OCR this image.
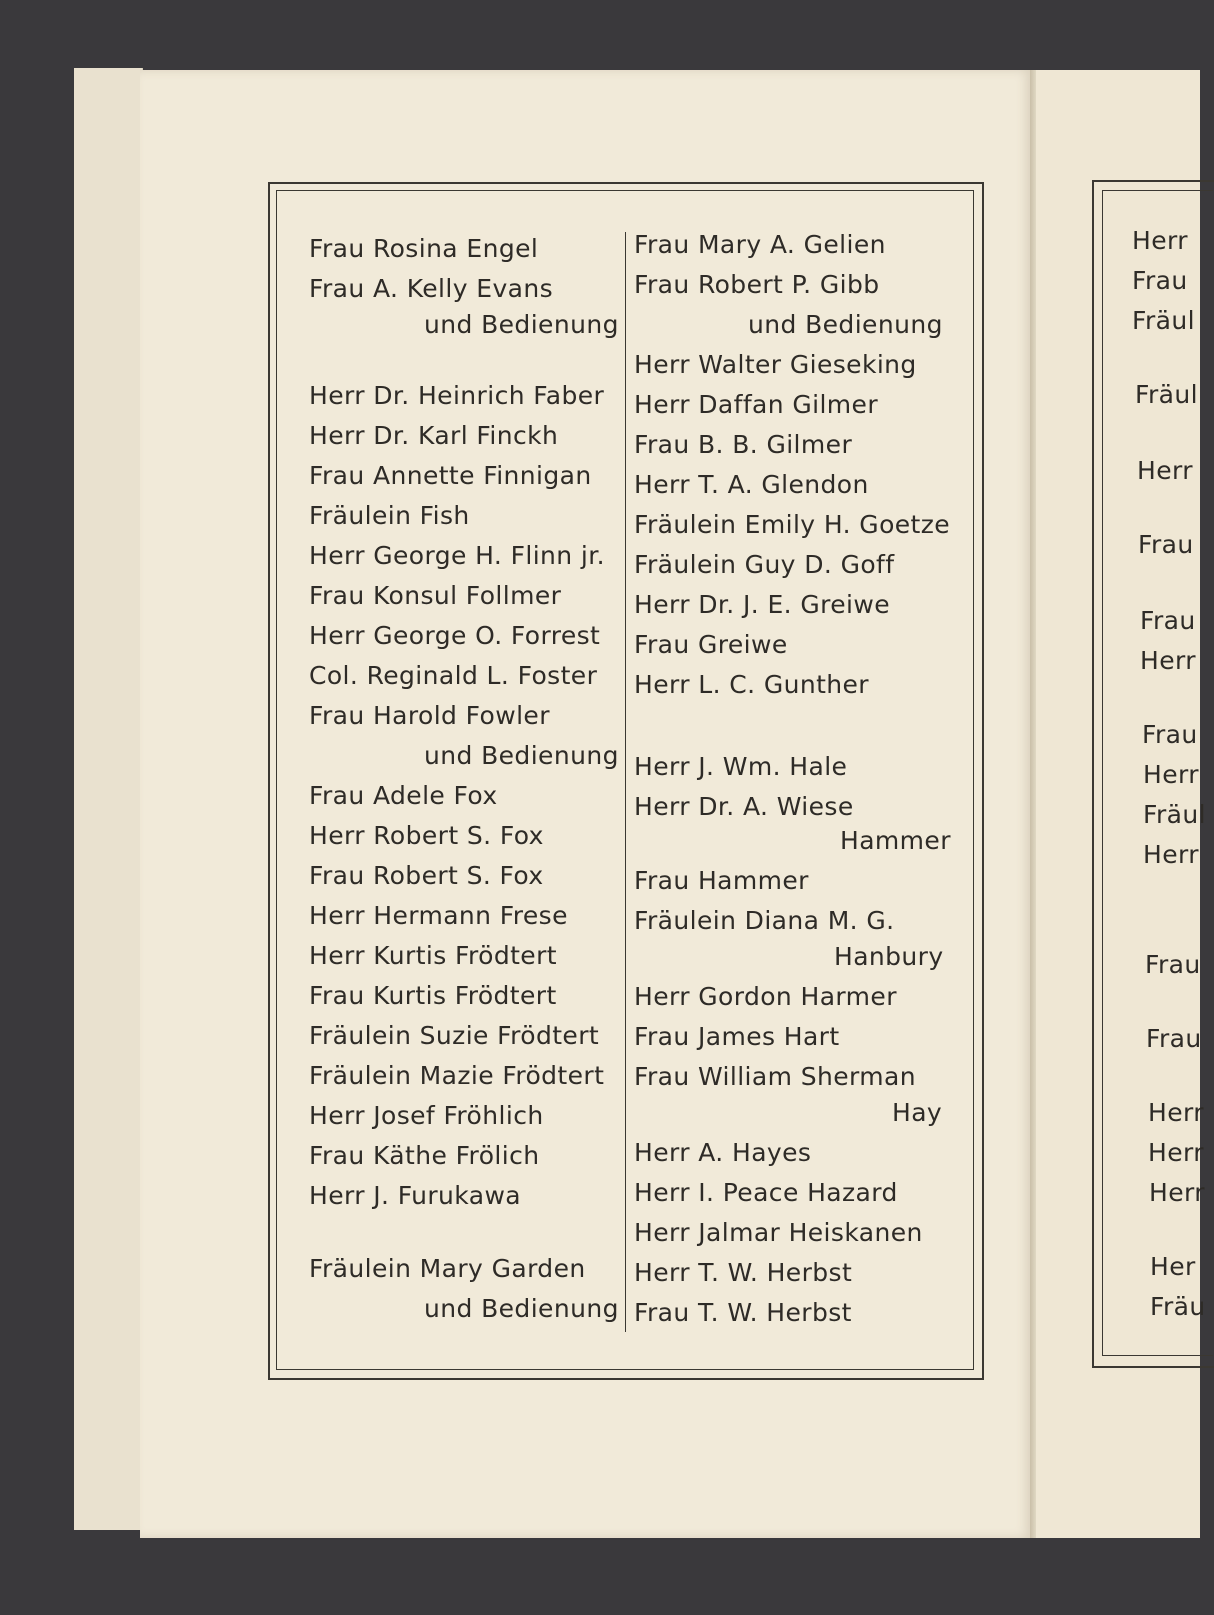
Frau Rosina Engel
Frau A. Kelly Evans
und Bedienung
Herr Dr. Heinrich Faber
Herr Dr. Karl Finckh
Frau Annette Finnigan
Fräulein Fish
Herr George H. Flinn jr.
Frau Konsul Follmer
Herr George O. Forrest
Col. Reginald L. Foster
Frau Harold Fowler
und Bedienung
Frau Adele Fox
Herr Robert S. Fox
Frau Robert S. Fox
Herr Hermann Frese
Herr Kurtis Frödtert
Frau Kurtis Frödtert
Fräulein Suzie Frödtert
Fräulein Mazie Frödtert
Herr Josef Fröhlich
Frau Käthe Frölich
Herr J. Furukawa
Fräulein Mary Garden
und Bedienung
Frau Mary A. Gelien
Frau Robert P. Gibb
und Bedienung
Herr Walter Gieseking
Herr Daffan Gilmer
Frau B. B. Gilmer
Herr T. A. Glendon
Fräulein Emily H. Goetze
Fräulein Guy D. Goff
Herr Dr. J. E. Greiwe
Frau Greiwe
Herr L. C. Gunther
Herr J. Wm. Hale
Herr Dr. A. Wiese
Hammer
Frau Hammer
Fräulein Diana M. G.
Hanbury
Herr Gordon Harmer
Frau James Hart
Frau William Sherman
Hay
Herr A. Hayes
Herr I. Peace Hazard
Herr Jalmar Heiskanen
Herr T. W. Herbst
Frau T. W. Herbst
Herr
Frau
Fräul
Fräul
Herr
Frau
Frau
Herr
Frau
Herr
Fräul
Herr
Frau
Frau
Herr
Herr
Herr
Her
Fräu
